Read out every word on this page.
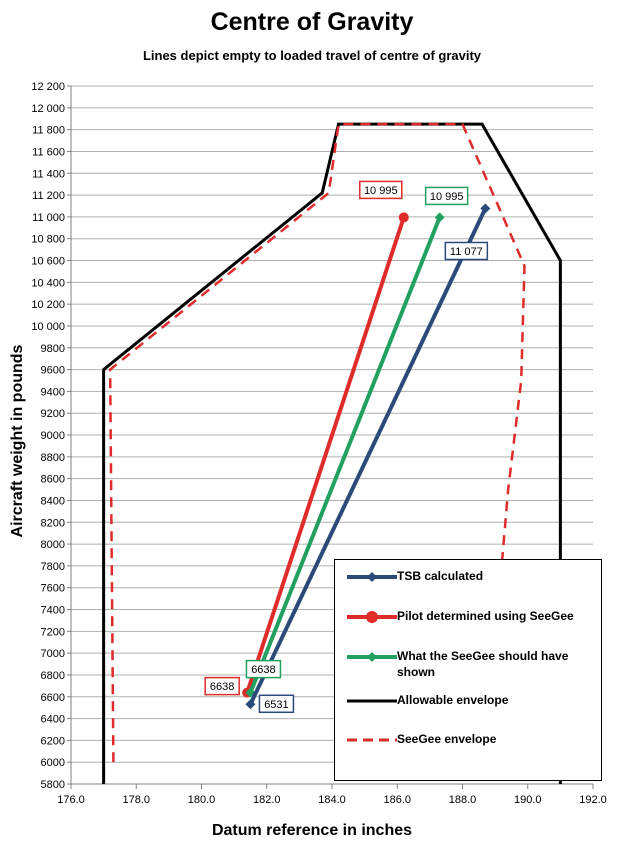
Centre of Gravity
Lines depict empty to loaded travel of centre of gravity
Aircraft weight in pounds
Datum reference in inches
5800
6000
6200
6400
6600
6800
7000
7200
7400
7600
7800
8000
8200
8400
8600
8800
9000
9200
9400
9600
9800
10 000
10 200
10 400
10 600
10 800
11 000
11 200
11 400
11 600
11 800
12 000
12 200
176.0	178.0	180.0	182.0	184.0	186.0	188.0	190.0	192.0
10 995	10 995
11 077
6638
6638
6531
TSB calculated
Pilot determined using SeeGee
What the SeeGee should have shown
Allowable envelope
SeeGee envelope
